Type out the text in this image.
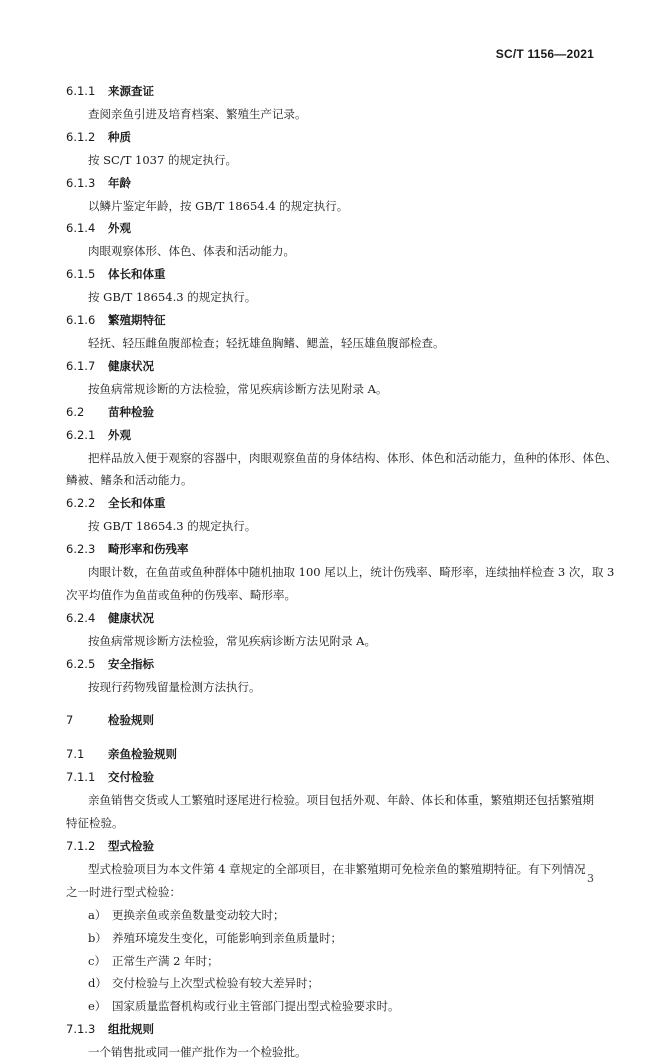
SC/T 1156—2021
6.1.1 来源查证
查阅亲鱼引进及培育档案、繁殖生产记录。
6.1.2 种质
按 SC/T 1037 的规定执行。
6.1.3 年龄
以鳞片鉴定年龄，按 GB/T 18654.4 的规定执行。
6.1.4 外观
肉眼观察体形、体色、体表和活动能力。
6.1.5 体长和体重
按 GB/T 18654.3 的规定执行。
6.1.6 繁殖期特征
轻抚、轻压雌鱼腹部检查；轻抚雄鱼胸鳍、鳃盖，轻压雄鱼腹部检查。
6.1.7 健康状况
按鱼病常规诊断的方法检验，常见疾病诊断方法见附录 A。
6.2 苗种检验
6.2.1 外观
把样品放入便于观察的容器中，肉眼观察鱼苗的身体结构、体形、体色和活动能力，鱼种的体形、体色、
鳞被、鳍条和活动能力。
6.2.2 全长和体重
按 GB/T 18654.3 的规定执行。
6.2.3 畸形率和伤残率
肉眼计数，在鱼苗或鱼种群体中随机抽取 100 尾以上，统计伤残率、畸形率，连续抽样检查 3 次，取 3
次平均值作为鱼苗或鱼种的伤残率、畸形率。
6.2.4 健康状况
按鱼病常规诊断方法检验，常见疾病诊断方法见附录 A。
6.2.5 安全指标
按现行药物残留量检测方法执行。
7	检验规则
7.1 亲鱼检验规则
7.1.1 交付检验
亲鱼销售交货或人工繁殖时逐尾进行检验。项目包括外观、年龄、体长和体重，繁殖期还包括繁殖期
特征检验。
7.1.2 型式检验
型式检验项目为本文件第 4 章规定的全部项目，在非繁殖期可免检亲鱼的繁殖期特征。有下列情况
之一时进行型式检验：
a） 更换亲鱼或亲鱼数量变动较大时；
b） 养殖环境发生变化，可能影响到亲鱼质量时；
c） 正常生产满 2 年时；
d） 交付检验与上次型式检验有较大差异时；
e） 国家质量监督机构或行业主管部门提出型式检验要求时。
7.1.3 组批规则
一个销售批或同一催产批作为一个检验批。
3
